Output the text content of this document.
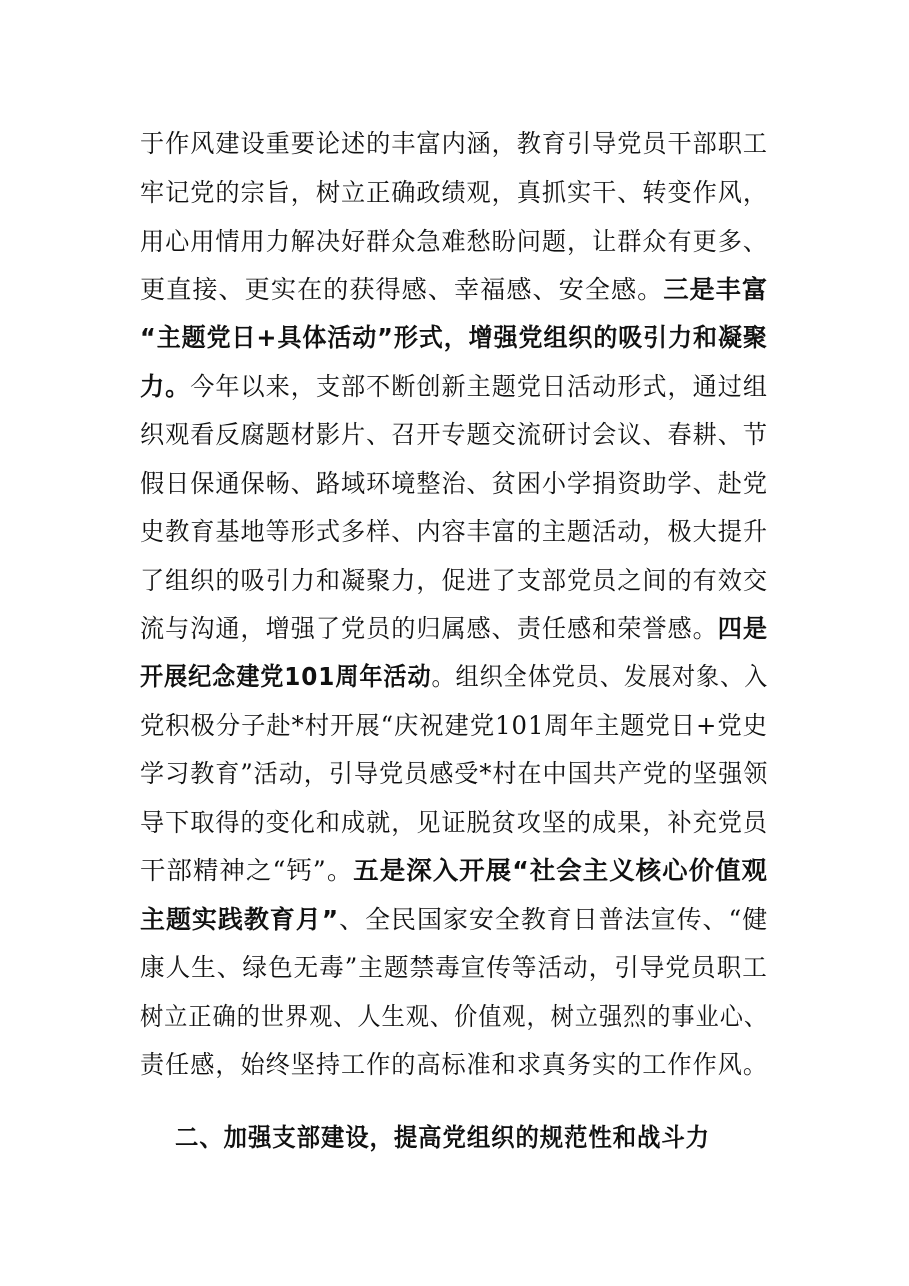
于作风建设重要论述的丰富内涵，教育引导党员干部职工
牢记党的宗旨，树立正确政绩观，真抓实干、转变作风，
用心用情用力解决好群众急难愁盼问题，让群众有更多、
更直接、更实在的获得感、幸福感、安全感。三是丰富
“主题党日+具体活动”形式，增强党组织的吸引力和凝聚
力。今年以来，支部不断创新主题党日活动形式，通过组
织观看反腐题材影片、召开专题交流研讨会议、春耕、节
假日保通保畅、路域环境整治、贫困小学捐资助学、赴党
史教育基地等形式多样、内容丰富的主题活动，极大提升
了组织的吸引力和凝聚力，促进了支部党员之间的有效交
流与沟通，增强了党员的归属感、责任感和荣誉感。四是
开展纪念建党101周年活动。组织全体党员、发展对象、入
党积极分子赴*村开展“庆祝建党101周年主题党日+党史
学习教育”活动，引导党员感受*村在中国共产党的坚强领
导下取得的变化和成就，见证脱贫攻坚的成果，补充党员
干部精神之“钙”。五是深入开展“社会主义核心价值观
主题实践教育月”、全民国家安全教育日普法宣传、“健
康人生、绿色无毒”主题禁毒宣传等活动，引导党员职工
树立正确的世界观、人生观、价值观，树立强烈的事业心、
责任感，始终坚持工作的高标准和求真务实的工作作风。
二、加强支部建设，提高党组织的规范性和战斗力
